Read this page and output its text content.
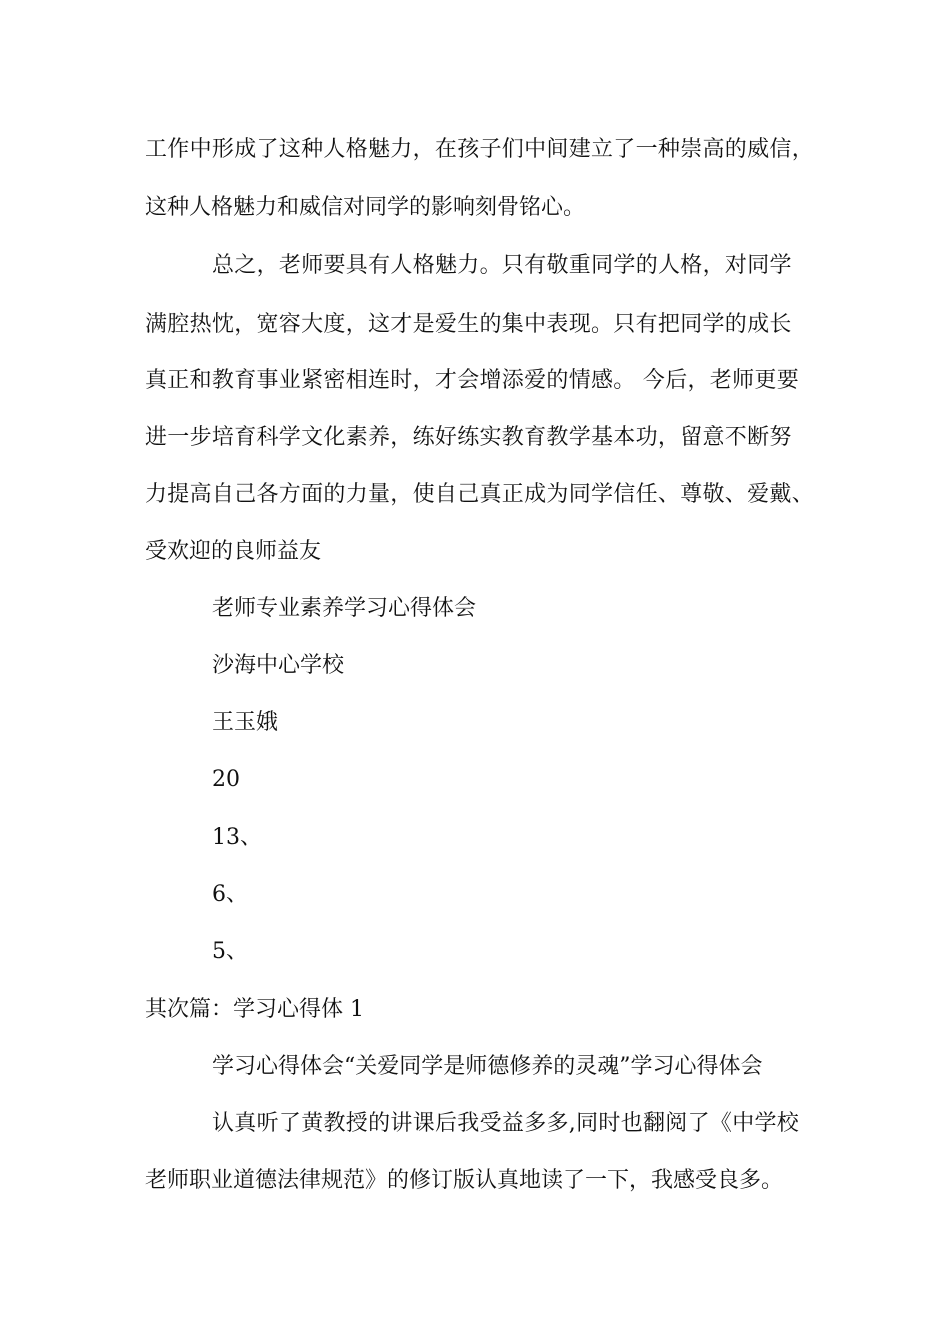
工作中形成了这种人格魅力，在孩子们中间建立了一种崇高的威信，
这种人格魅力和威信对同学的影响刻骨铭心。
总之，老师要具有人格魅力。只有敬重同学的人格，对同学
满腔热忱，宽容大度，这才是爱生的集中表现。只有把同学的成长
真正和教育事业紧密相连时，才会增添爱的情感。 今后，老师更要
进一步培育科学文化素养，练好练实教育教学基本功，留意不断努
力提高自己各方面的力量，使自己真正成为同学信任、尊敬、爱戴、
受欢迎的良师益友
老师专业素养学习心得体会
沙海中心学校
王玉娥
20
13、
6、
5、
其次篇：学习心得体 1
学习心得体会“关爱同学是师德修养的灵魂”学习心得体会
认真听了黄教授的讲课后我受益多多,同时也翻阅了《中学校
老师职业道德法律规范》的修订版认真地读了一下，我感受良多。
